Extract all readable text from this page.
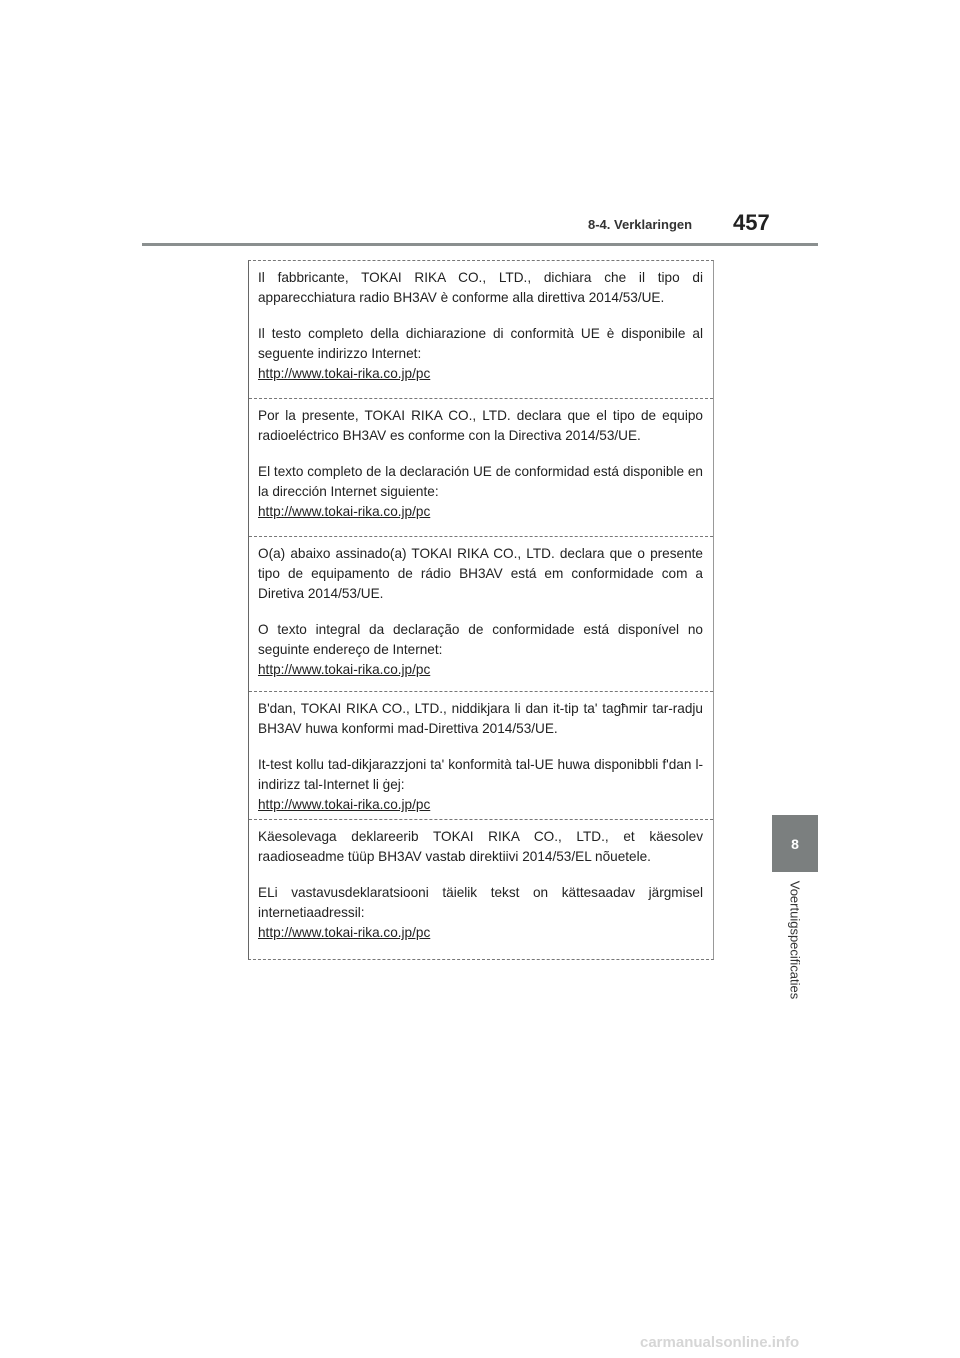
8-4. Verklaringen 457
8
Voertuigspecificaties

Il fabbricante, TOKAI RIKA CO., LTD., dichiara che il tipo di apparecchiatura radio BH3AV è conforme alla direttiva 2014/53/UE.

Il testo completo della dichiarazione di conformità UE è disponibile al seguente indirizzo Internet:
http://www.tokai-rika.co.jp/pc

Por la presente, TOKAI RIKA CO., LTD. declara que el tipo de equipo radioeléctrico BH3AV es conforme con la Directiva 2014/53/UE.

El texto completo de la declaración UE de conformidad está disponible en la dirección Internet siguiente:
http://www.tokai-rika.co.jp/pc

O(a) abaixo assinado(a) TOKAI RIKA CO., LTD. declara que o presente tipo de equipamento de rádio BH3AV está em conformidade com a Diretiva 2014/53/UE.

O texto integral da declaração de conformidade está disponível no seguinte endereço de Internet:
http://www.tokai-rika.co.jp/pc

B'dan, TOKAI RIKA CO., LTD., niddikjara li dan it-tip ta' tagħmir tar-radju BH3AV huwa konformi mad-Direttiva 2014/53/UE.

It-test kollu tad-dikjarazzjoni ta' konformità tal-UE huwa disponibbli f'dan l-indirizz tal-Internet li ġej:
http://www.tokai-rika.co.jp/pc

Käesolevaga deklareerib TOKAI RIKA CO., LTD., et käesolev raadioseadme tüüp BH3AV vastab direktiivi 2014/53/EL nõuetele.

ELi vastavusdeklaratsiooni täielik tekst on kättesaadav järgmisel internetiaadressil:
http://www.tokai-rika.co.jp/pc

carmanualsonline.info
